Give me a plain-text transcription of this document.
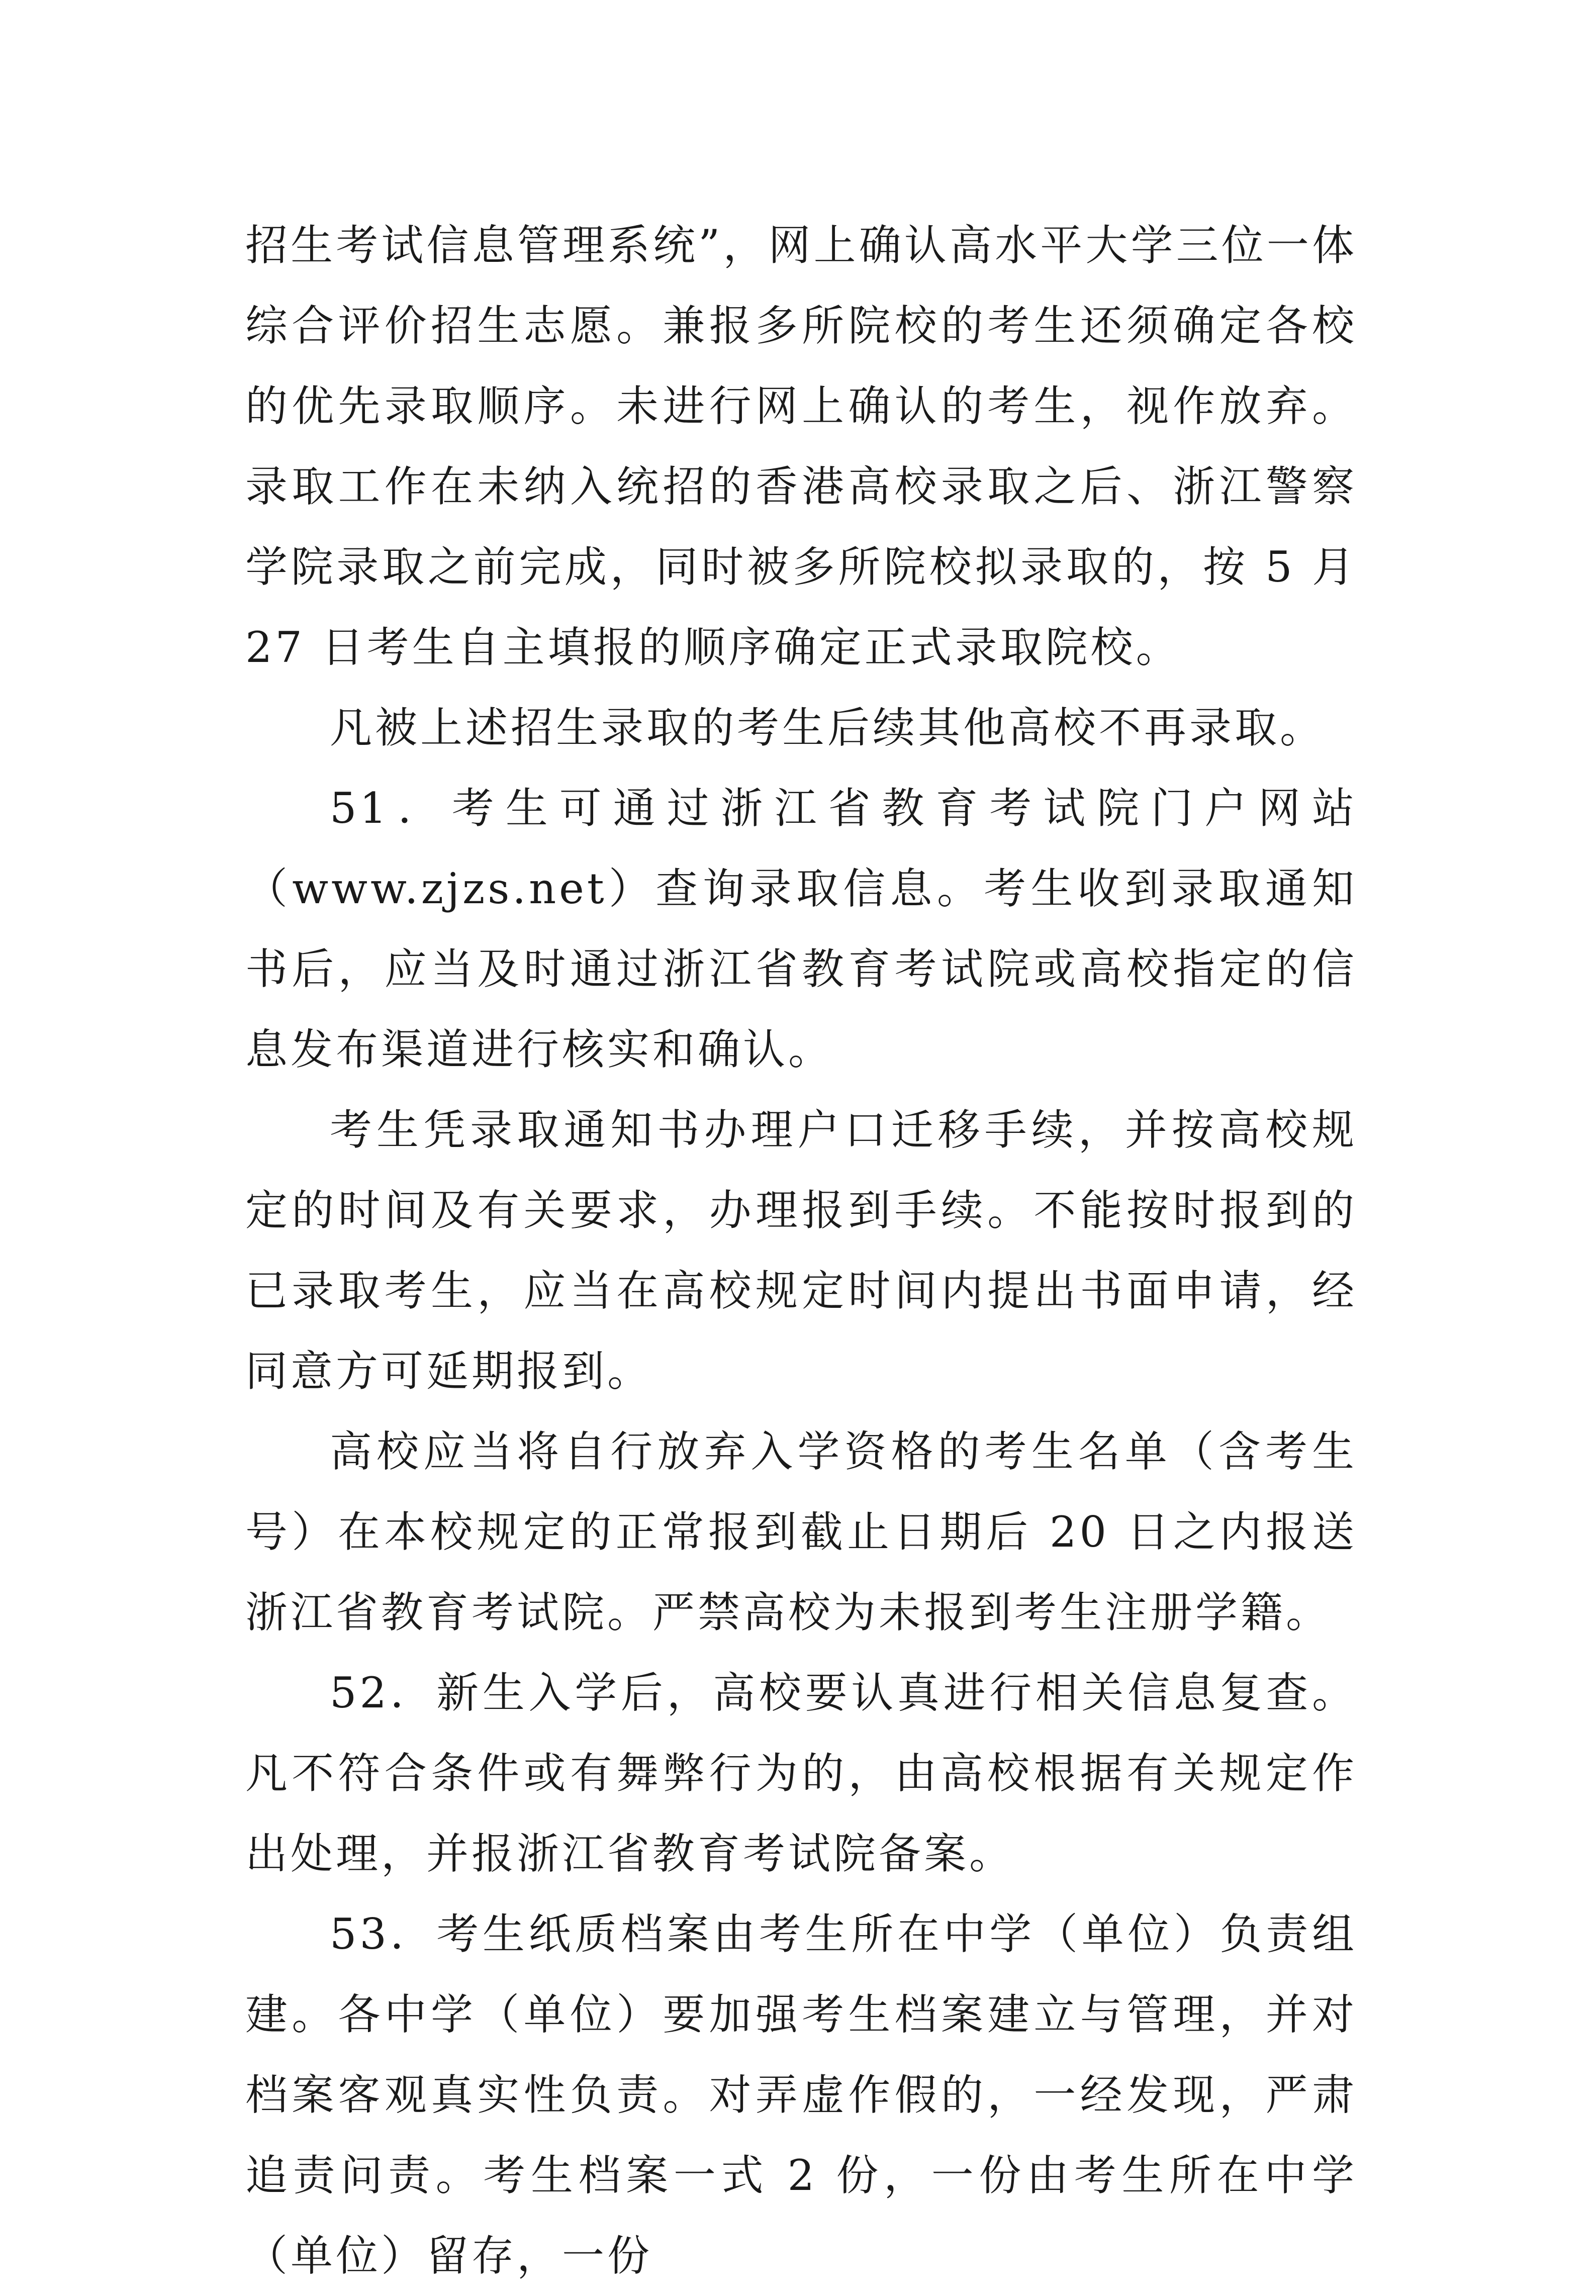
招生考试信息管理系统”，网上确认高水平大学三位一体综合评价招生志愿。兼报多所院校的考生还须确定各校的优先录取顺序。未进行网上确认的考生，视作放弃。录取工作在未纳入统招的香港高校录取之后、浙江警察学院录取之前完成，同时被多所院校拟录取的，按 5 月 27 日考生自主填报的顺序确定正式录取院校。

凡被上述招生录取的考生后续其他高校不再录取。

51．考生可通过浙江省教育考试院门户网站（www.zjzs.net）查询录取信息。考生收到录取通知书后，应当及时通过浙江省教育考试院或高校指定的信息发布渠道进行核实和确认。

考生凭录取通知书办理户口迁移手续，并按高校规定的时间及有关要求，办理报到手续。不能按时报到的已录取考生，应当在高校规定时间内提出书面申请，经同意方可延期报到。

高校应当将自行放弃入学资格的考生名单（含考生号）在本校规定的正常报到截止日期后 20 日之内报送浙江省教育考试院。严禁高校为未报到考生注册学籍。

52．新生入学后，高校要认真进行相关信息复查。凡不符合条件或有舞弊行为的，由高校根据有关规定作出处理，并报浙江省教育考试院备案。

53．考生纸质档案由考生所在中学（单位）负责组建。各中学（单位）要加强考生档案建立与管理，并对档案客观真实性负责。对弄虚作假的，一经发现，严肃追责问责。考生档案一式 2 份，一份由考生所在中学（单位）留存，一份
